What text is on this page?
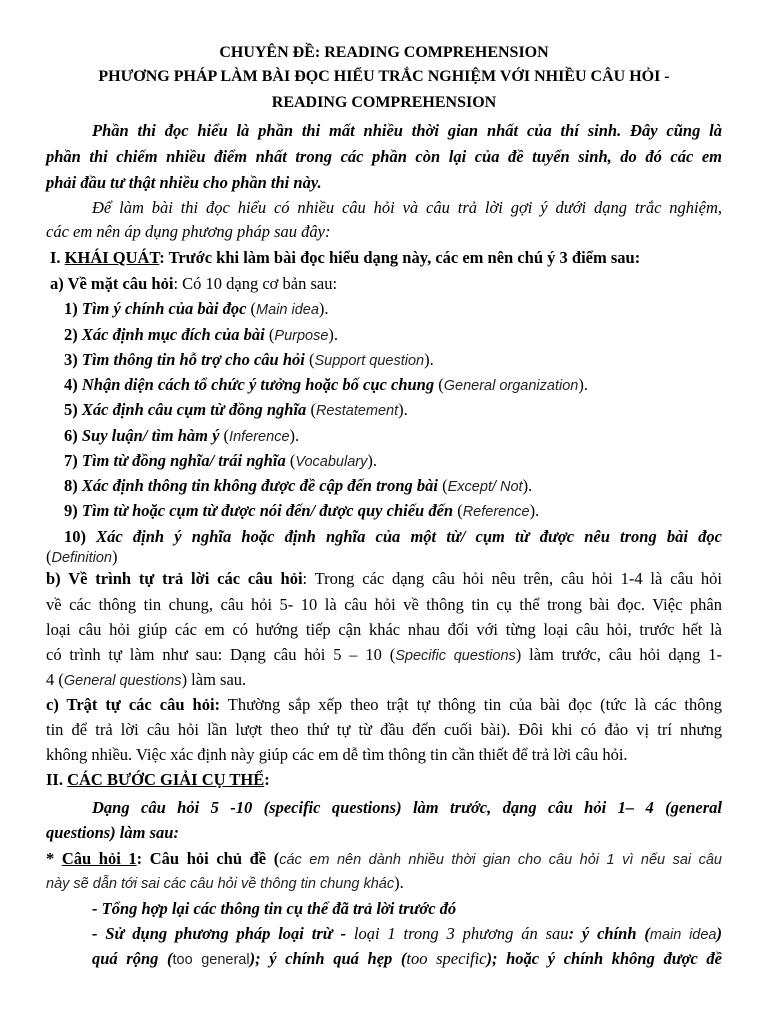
CHUYÊN ĐỀ: READING COMPREHENSION
PHƯƠNG PHÁP LÀM BÀI ĐỌC HIỂU TRẮC NGHIỆM VỚI NHIỀU CÂU HỎI -
READING COMPREHENSION
Phần thi đọc hiểu là phần thi mất nhiều thời gian nhất của thí sinh. Đây cũng là
phần thi chiếm nhiều điểm nhất trong các phần còn lại của đề tuyển sinh, do đó các em
phải đầu tư thật nhiều cho phần thi này.
Để làm bài thi đọc hiểu có nhiều câu hỏi và câu trả lời gợi ý dưới dạng trắc nghiệm,
các em nên áp dụng phương pháp sau đây:
I. KHÁI QUÁT: Trước khi làm bài đọc hiểu dạng này, các em nên chú ý 3 điểm sau:
a) Về mặt câu hỏi: Có 10 dạng cơ bản sau:
1) Tìm ý chính của bài đọc (Main idea).
2) Xác định mục đích của bài (Purpose).
3) Tìm thông tin hỗ trợ cho câu hỏi (Support question).
4) Nhận diện cách tổ chức ý tưởng hoặc bố cục chung (General organization).
5) Xác định câu cụm từ đồng nghĩa (Restatement).
6) Suy luận/ tìm hàm ý (Inference).
7) Tìm từ đồng nghĩa/ trái nghĩa (Vocabulary).
8) Xác định thông tin không được đề cập đến trong bài (Except/ Not).
9) Tìm từ hoặc cụm từ được nói đến/ được quy chiếu đến (Reference).
10) Xác định ý nghĩa hoặc định nghĩa của một từ/ cụm từ được nêu trong bài đọc
(Definition)
b) Về trình tự trả lời các câu hỏi: Trong các dạng câu hỏi nêu trên, câu hỏi 1-4 là câu hỏi
về các thông tin chung, câu hỏi 5- 10 là câu hỏi về thông tin cụ thể trong bài đọc. Việc phân
loại câu hỏi giúp các em có hướng tiếp cận khác nhau đối với từng loại câu hỏi, trước hết là
có trình tự làm như sau: Dạng câu hỏi 5 – 10 (Specific questions) làm trước, câu hỏi dạng 1-
4 (General questions) làm sau.
c) Trật tự các câu hỏi: Thường sắp xếp theo trật tự thông tin của bài đọc (tức là các thông
tin để trả lời câu hỏi lần lượt theo thứ tự từ đầu đến cuối bài). Đôi khi có đảo vị trí nhưng
không nhiều. Việc xác định này giúp các em dễ tìm thông tin cần thiết để trả lời câu hỏi.
II. CÁC BƯỚC GIẢI CỤ THỂ:
Dạng câu hỏi 5 -10 (specific questions) làm trước, dạng câu hỏi 1– 4 (general
questions) làm sau:
* Câu hỏi 1: Câu hỏi chủ đề (các em nên dành nhiều thời gian cho câu hỏi 1 vì nếu sai câu
này sẽ dẫn tới sai các câu hỏi về thông tin chung khác).
- Tổng hợp lại các thông tin cụ thể đã trả lời trước đó
- Sử dụng phương pháp loại trừ - loại 1 trong 3 phương án sau: ý chính (main idea)
quá rộng (too general); ý chính quá hẹp (too specific); hoặc ý chính không được đề
